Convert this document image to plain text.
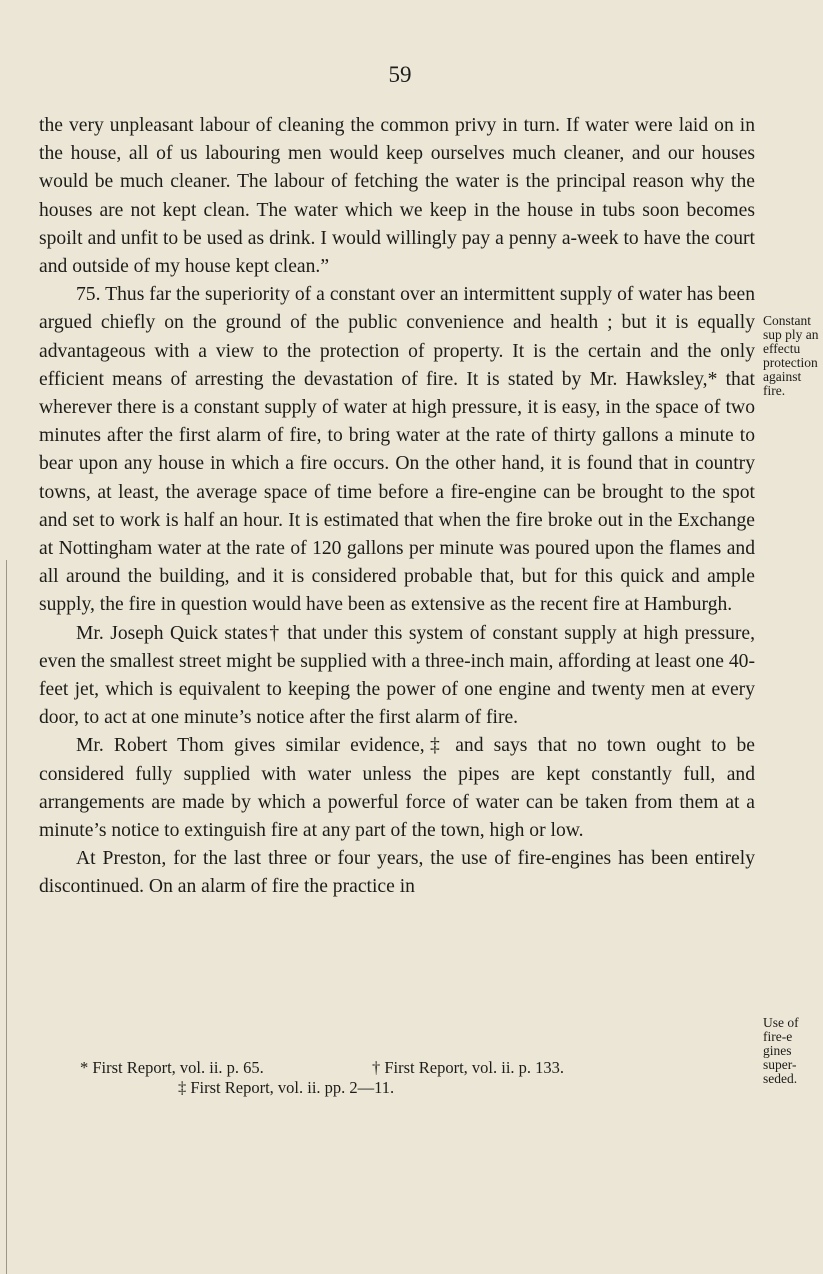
59

the very unpleasant labour of cleaning the common privy in turn. If water were laid on in the house, all of us labouring men would keep ourselves much cleaner, and our houses would be much cleaner. The labour of fetching the water is the principal reason why the houses are not kept clean. The water which we keep in the house in tubs soon becomes spoilt and unfit to be used as drink. I would willingly pay a penny a-week to have the court and outside of my house kept clean.”

75. Thus far the superiority of a constant over an intermittent supply of water has been argued chiefly on the ground of the public convenience and health ; but it is equally advantageous with a view to the protection of property. It is the certain and the only efficient means of arresting the devastation of fire. It is stated by Mr. Hawksley,* that wherever there is a constant supply of water at high pressure, it is easy, in the space of two minutes after the first alarm of fire, to bring water at the rate of thirty gallons a minute to bear upon any house in which a fire occurs. On the other hand, it is found that in country towns, at least, the average space of time before a fire-engine can be brought to the spot and set to work is half an hour. It is estimated that when the fire broke out in the Exchange at Nottingham water at the rate of 120 gallons per minute was poured upon the flames and all around the building, and it is considered probable that, but for this quick and ample supply, the fire in question would have been as extensive as the recent fire at Hamburgh.

Mr. Joseph Quick states† that under this system of constant supply at high pressure, even the smallest street might be supplied with a three-inch main, affording at least one 40-feet jet, which is equivalent to keeping the power of one engine and twenty men at every door, to act at one minute’s notice after the first alarm of fire.

Mr. Robert Thom gives similar evidence,‡ and says that no town ought to be considered fully supplied with water unless the pipes are kept constantly full, and arrangements are made by which a powerful force of water can be taken from them at a minute’s notice to extinguish fire at any part of the town, high or low.

At Preston, for the last three or four years, the use of fire-engines has been entirely discontinued. On an alarm of fire the practice in

Constant sup ply an effectu protection against fire.
Use of fire-e gines super- seded.
* First Report, vol. ii. p. 65.	† First Report, vol. ii. p. 133.
‡ First Report, vol. ii. pp. 2—11.
